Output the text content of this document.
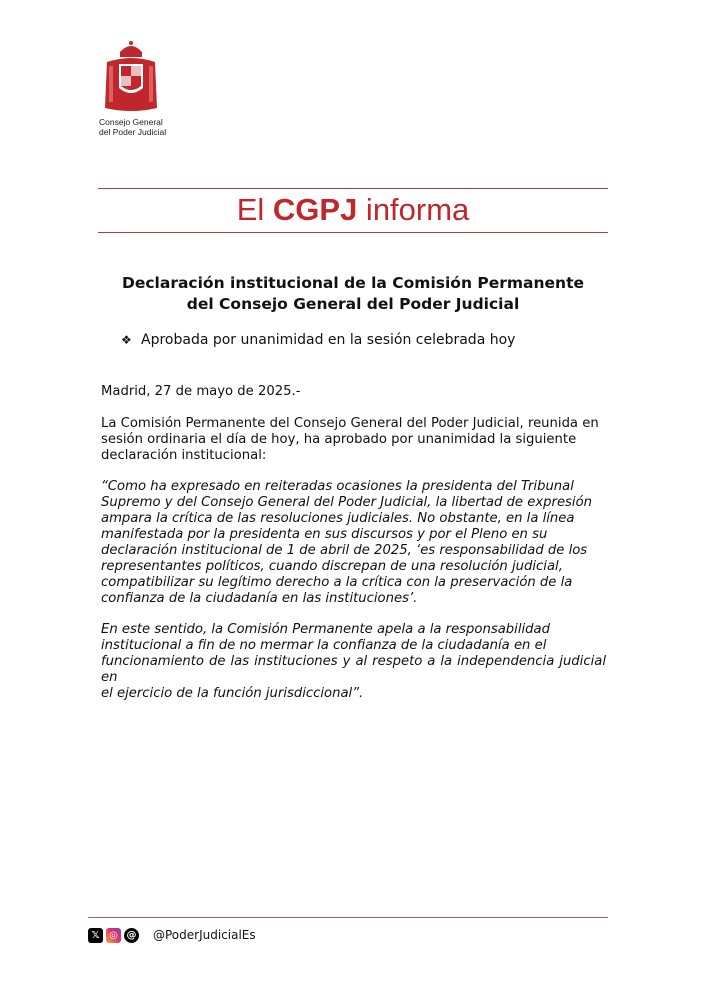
Consejo General
del Poder Judicial
El CGPJ informa
Declaración institucional de la Comisión Permanente
del Consejo General del Poder Judicial
❖ Aprobada por unanimidad en la sesión celebrada hoy
Madrid, 27 de mayo de 2025.-
La Comisión Permanente del Consejo General del Poder Judicial, reunida en
sesión ordinaria el día de hoy, ha aprobado por unanimidad la siguiente
declaración institucional:
“Como ha expresado en reiteradas ocasiones la presidenta del Tribunal
Supremo y del Consejo General del Poder Judicial, la libertad de expresión
ampara la crítica de las resoluciones judiciales. No obstante, en la línea
manifestada por la presidenta en sus discursos y por el Pleno en su
declaración institucional de 1 de abril de 2025, ‘es responsabilidad de los
representantes políticos, cuando discrepan de una resolución judicial,
compatibilizar su legítimo derecho a la crítica con la preservación de la
confianza de la ciudadanía en las instituciones’.
En este sentido, la Comisión Permanente apela a la responsabilidad
institucional a fin de no mermar la confianza de la ciudadanía en el
funcionamiento de las instituciones y al respeto a la independencia judicial en
el ejercicio de la función jurisdiccional”.
𝕏 ◎ @ @PoderJudicialEs
